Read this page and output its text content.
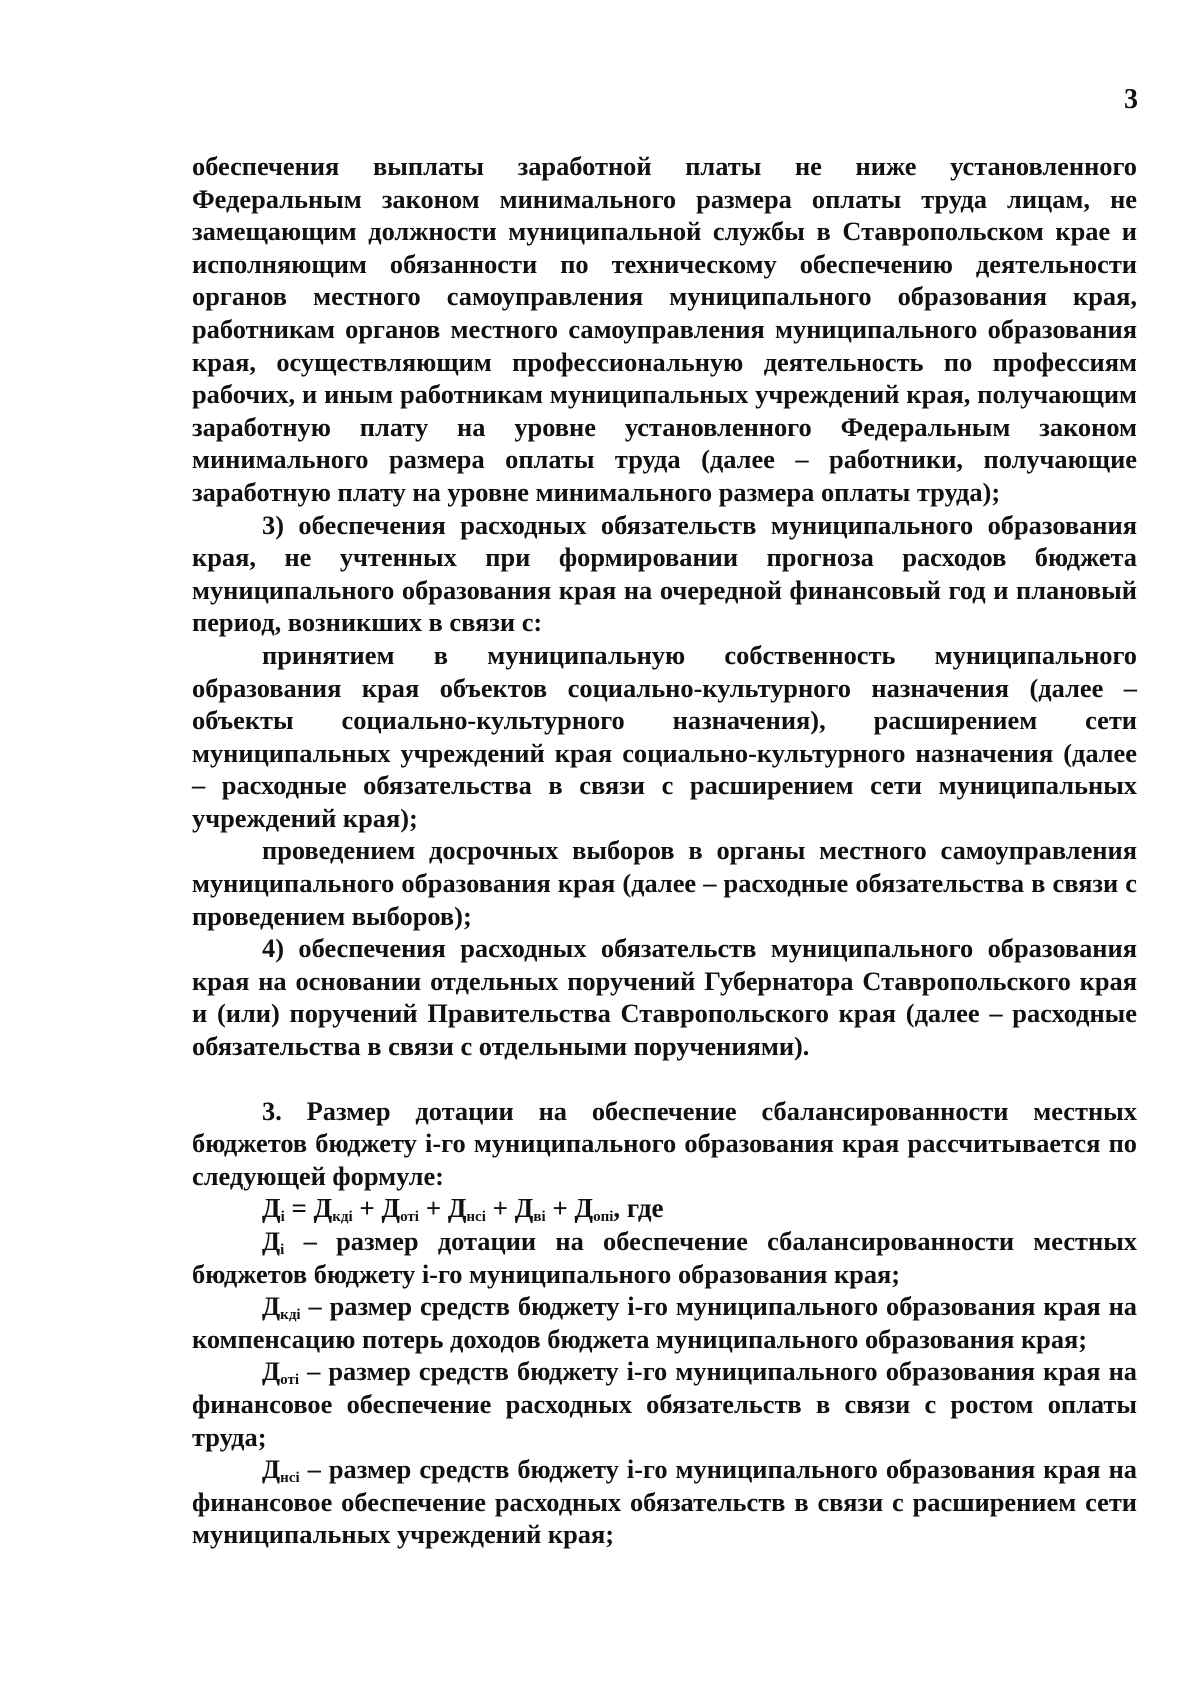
3

обеспечения выплаты заработной платы не ниже установленного Федеральным законом минимального размера оплаты труда лицам, не замещающим должности муниципальной службы в Ставропольском крае и исполняющим обязанности по техническому обеспечению деятельности органов местного самоуправления муниципального образования края, работникам органов местного самоуправления муниципального образования края, осуществляющим профессиональную деятельность по профессиям рабочих, и иным работникам муниципальных учреждений края, получающим заработную плату на уровне установленного Федеральным законом минимального размера оплаты труда (далее – работники, получающие заработную плату на уровне минимального размера оплаты труда);

3) обеспечения расходных обязательств муниципального образования края, не учтенных при формировании прогноза расходов бюджета муниципального образования края на очередной финансовый год и плановый период, возникших в связи с:

принятием в муниципальную собственность муниципального образования края объектов социально-культурного назначения (далее – объекты социально-культурного назначения), расширением сети муниципальных учреждений края социально-культурного назначения (далее – расходные обязательства в связи с расширением сети муниципальных учреждений края);

проведением досрочных выборов в органы местного самоуправления муниципального образования края (далее – расходные обязательства в связи с проведением выборов);

4) обеспечения расходных обязательств муниципального образования края на основании отдельных поручений Губернатора Ставропольского края и (или) поручений Правительства Ставропольского края (далее – расходные обязательства в связи с отдельными поручениями).

3. Размер дотации на обеспечение сбалансированности местных бюджетов бюджету i-го муниципального образования края рассчитывается по следующей формуле:

$Д_i = Д_{кдi} + Д_{отi} + Д_{нсi} + Д_{вi} + Д_{опi}$, где

$Д_i$ – размер дотации на обеспечение сбалансированности местных бюджетов бюджету i-го муниципального образования края;

$Д_{кдi}$ – размер средств бюджету i-го муниципального образования края на компенсацию потерь доходов бюджета муниципального образования края;

$Д_{отi}$ – размер средств бюджету i-го муниципального образования края на финансовое обеспечение расходных обязательств в связи с ростом оплаты труда;

$Д_{нсi}$ – размер средств бюджету i-го муниципального образования края на финансовое обеспечение расходных обязательств в связи с расширением сети муниципальных учреждений края;
